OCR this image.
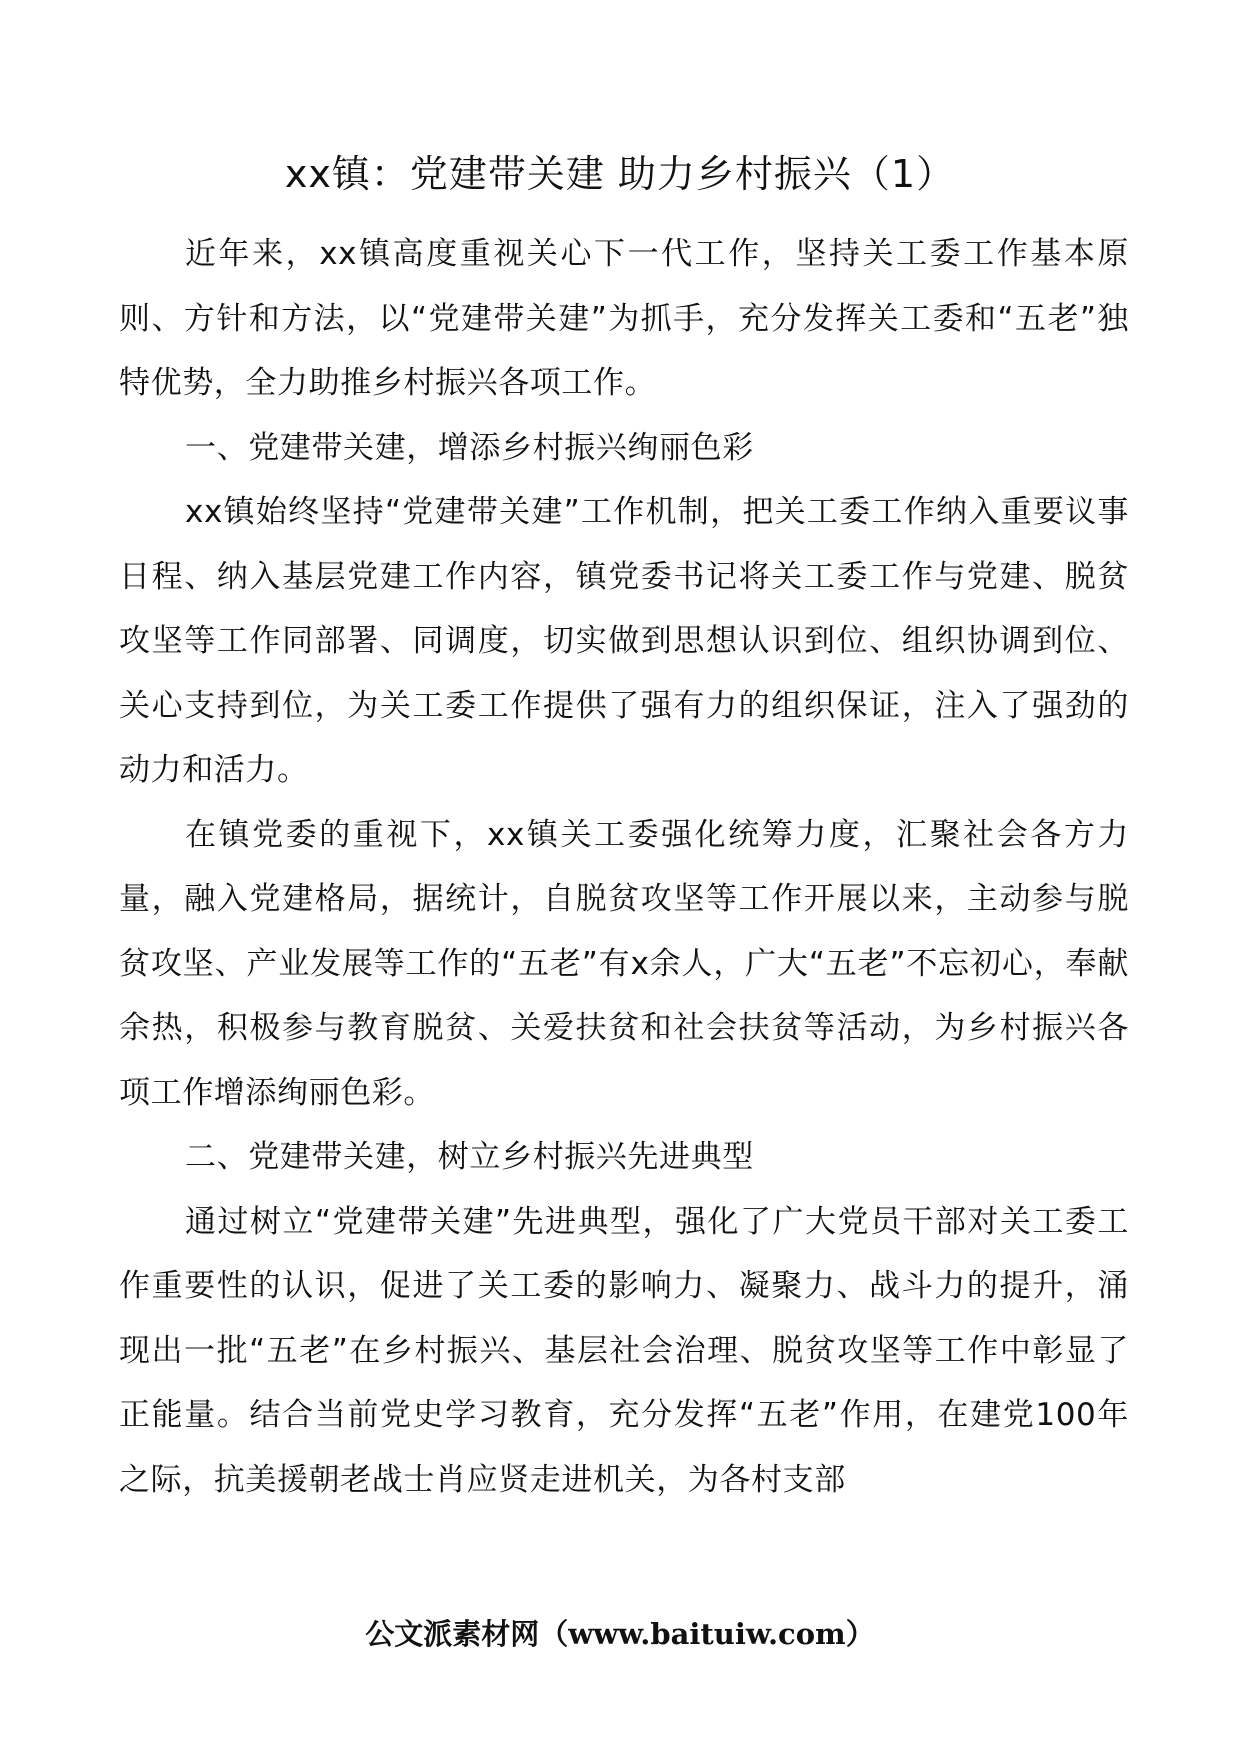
xx镇：党建带关建 助力乡村振兴（1）

近年来，xx镇高度重视关心下一代工作，坚持关工委工作基本原则、方针和方法，以“党建带关建”为抓手，充分发挥关工委和“五老”独特优势，全力助推乡村振兴各项工作。

一、党建带关建，增添乡村振兴绚丽色彩

xx镇始终坚持“党建带关建”工作机制，把关工委工作纳入重要议事日程、纳入基层党建工作内容，镇党委书记将关工委工作与党建、脱贫攻坚等工作同部署、同调度，切实做到思想认识到位、组织协调到位、关心支持到位，为关工委工作提供了强有力的组织保证，注入了强劲的动力和活力。

在镇党委的重视下，xx镇关工委强化统筹力度，汇聚社会各方力量，融入党建格局，据统计，自脱贫攻坚等工作开展以来，主动参与脱贫攻坚、产业发展等工作的“五老”有x余人，广大“五老”不忘初心，奉献余热，积极参与教育脱贫、关爱扶贫和社会扶贫等活动，为乡村振兴各项工作增添绚丽色彩。

二、党建带关建，树立乡村振兴先进典型

通过树立“党建带关建”先进典型，强化了广大党员干部对关工委工作重要性的认识，促进了关工委的影响力、凝聚力、战斗力的提升，涌现出一批“五老”在乡村振兴、基层社会治理、脱贫攻坚等工作中彰显了正能量。结合当前党史学习教育，充分发挥“五老”作用，在建党100年之际，抗美援朝老战士肖应贤走进机关，为各村支部

公文派素材网（www.baituiw.com）
